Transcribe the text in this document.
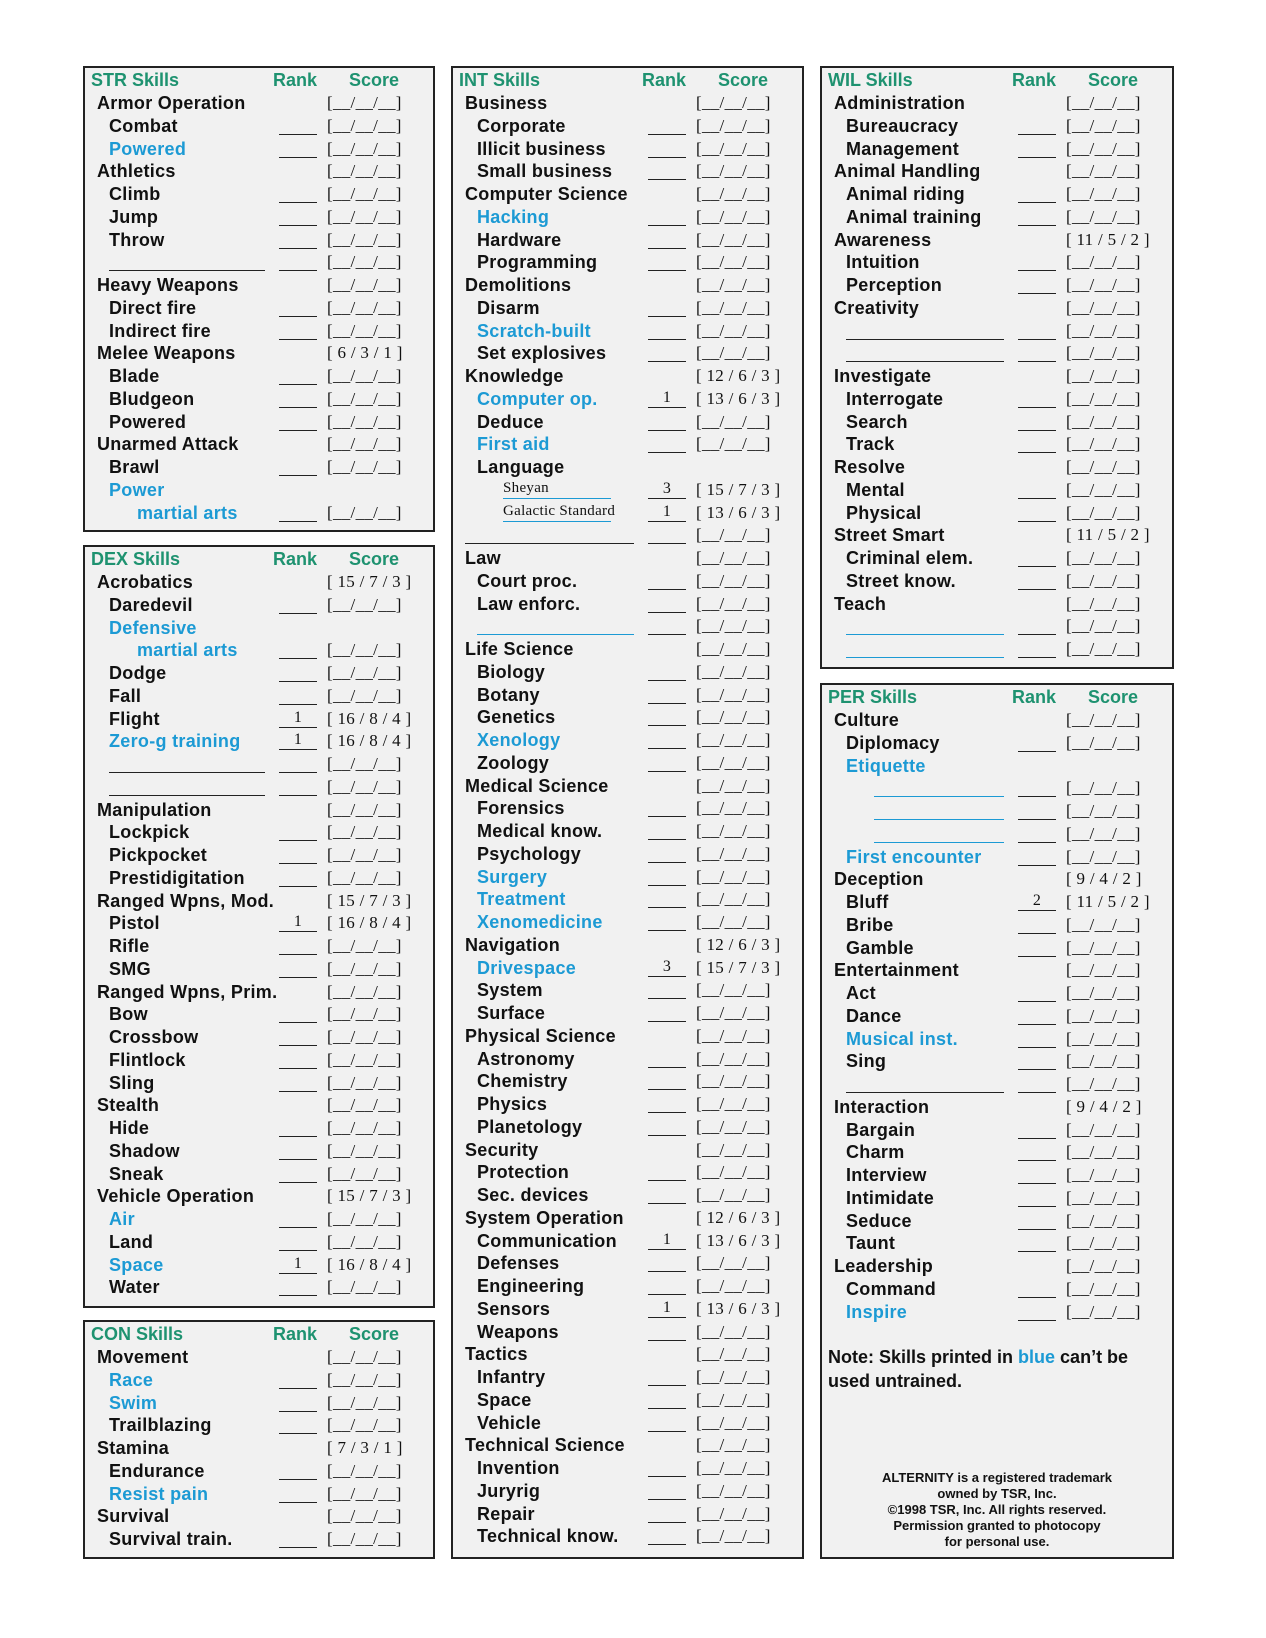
STR Skills	Rank Score
Armor Operation	[__/__/__]
Combat	[__/__/__]
Powered	[__/__/__]
Athletics	[__/__/__]
Climb	[__/__/__]
Jump	[__/__/__]
Throw	[__/__/__]
[__/__/__]
Heavy Weapons	[__/__/__]
Direct fire	[__/__/__]
Indirect fire	[__/__/__]
Melee Weapons	[ 6 / 3 / 1 ]
Blade	[__/__/__]
Bludgeon	[__/__/__]
Powered	[__/__/__]
Unarmed Attack	[__/__/__]
Brawl	[__/__/__]
Power
martial arts	[__/__/__]
DEX Skills	Rank Score
Acrobatics	[ 15 / 7 / 3 ]
Daredevil	[__/__/__]
Defensive
martial arts	[__/__/__]
Dodge	[__/__/__]
Fall	[__/__/__]
Flight	1	[ 16 / 8 / 4 ]
Zero-g training	1	[ 16 / 8 / 4 ]
[__/__/__]
[__/__/__]
Manipulation	[__/__/__]
Lockpick	[__/__/__]
Pickpocket	[__/__/__]
Prestidigitation	[__/__/__]
Ranged Wpns, Mod.	[ 15 / 7 / 3 ]
Pistol	1	[ 16 / 8 / 4 ]
Rifle	[__/__/__]
SMG	[__/__/__]
Ranged Wpns, Prim.	[__/__/__]
Bow	[__/__/__]
Crossbow	[__/__/__]
Flintlock	[__/__/__]
Sling	[__/__/__]
Stealth	[__/__/__]
Hide	[__/__/__]
Shadow	[__/__/__]
Sneak	[__/__/__]
Vehicle Operation	[ 15 / 7 / 3 ]
Air	[__/__/__]
Land	[__/__/__]
Space	1	[ 16 / 8 / 4 ]
Water	[__/__/__]
CON Skills	Rank Score
Movement	[__/__/__]
Race	[__/__/__]
Swim	[__/__/__]
Trailblazing	[__/__/__]
Stamina	[ 7 / 3 / 1 ]
Endurance	[__/__/__]
Resist pain	[__/__/__]
Survival	[__/__/__]
Survival train.	[__/__/__]
INT Skills	Rank Score
Business	[__/__/__]
Corporate	[__/__/__]
Illicit business	[__/__/__]
Small business	[__/__/__]
Computer Science	[__/__/__]
Hacking	[__/__/__]
Hardware	[__/__/__]
Programming	[__/__/__]
Demolitions	[__/__/__]
Disarm	[__/__/__]
Scratch-built	[__/__/__]
Set explosives	[__/__/__]
Knowledge	[ 12 / 6 / 3 ]
Computer op.	1	[ 13 / 6 / 3 ]
Deduce	[__/__/__]
First aid	[__/__/__]
Language
Sheyan	3	[ 15 / 7 / 3 ]
Galactic Standard	1	[ 13 / 6 / 3 ]
[__/__/__]
Law	[__/__/__]
Court proc.	[__/__/__]
Law enforc.	[__/__/__]
[__/__/__]
Life Science	[__/__/__]
Biology	[__/__/__]
Botany	[__/__/__]
Genetics	[__/__/__]
Xenology	[__/__/__]
Zoology	[__/__/__]
Medical Science	[__/__/__]
Forensics	[__/__/__]
Medical know.	[__/__/__]
Psychology	[__/__/__]
Surgery	[__/__/__]
Treatment	[__/__/__]
Xenomedicine	[__/__/__]
Navigation	[ 12 / 6 / 3 ]
Drivespace	3	[ 15 / 7 / 3 ]
System	[__/__/__]
Surface	[__/__/__]
Physical Science	[__/__/__]
Astronomy	[__/__/__]
Chemistry	[__/__/__]
Physics	[__/__/__]
Planetology	[__/__/__]
Security	[__/__/__]
Protection	[__/__/__]
Sec. devices	[__/__/__]
System Operation	[ 12 / 6 / 3 ]
Communication	1	[ 13 / 6 / 3 ]
Defenses	[__/__/__]
Engineering	[__/__/__]
Sensors	1	[ 13 / 6 / 3 ]
Weapons	[__/__/__]
Tactics	[__/__/__]
Infantry	[__/__/__]
Space	[__/__/__]
Vehicle	[__/__/__]
Technical Science	[__/__/__]
Invention	[__/__/__]
Juryrig	[__/__/__]
Repair	[__/__/__]
Technical know.	[__/__/__]
WIL Skills	Rank Score
Administration	[__/__/__]
Bureaucracy	[__/__/__]
Management	[__/__/__]
Animal Handling	[__/__/__]
Animal riding	[__/__/__]
Animal training	[__/__/__]
Awareness	[ 11 / 5 / 2 ]
Intuition	[__/__/__]
Perception	[__/__/__]
Creativity	[__/__/__]
[__/__/__]
[__/__/__]
Investigate	[__/__/__]
Interrogate	[__/__/__]
Search	[__/__/__]
Track	[__/__/__]
Resolve	[__/__/__]
Mental	[__/__/__]
Physical	[__/__/__]
Street Smart	[ 11 / 5 / 2 ]
Criminal elem.	[__/__/__]
Street know.	[__/__/__]
Teach	[__/__/__]
[__/__/__]
[__/__/__]
PER Skills	Rank Score
Culture	[__/__/__]
Diplomacy	[__/__/__]
Etiquette
[__/__/__]
[__/__/__]
[__/__/__]
First encounter	[__/__/__]
Deception	[ 9 / 4 / 2 ]
Bluff	2	[ 11 / 5 / 2 ]
Bribe	[__/__/__]
Gamble	[__/__/__]
Entertainment	[__/__/__]
Act	[__/__/__]
Dance	[__/__/__]
Musical inst.	[__/__/__]
Sing	[__/__/__]
[__/__/__]
Interaction	[ 9 / 4 / 2 ]
Bargain	[__/__/__]
Charm	[__/__/__]
Interview	[__/__/__]
Intimidate	[__/__/__]
Seduce	[__/__/__]
Taunt	[__/__/__]
Leadership	[__/__/__]
Command	[__/__/__]
Inspire	[__/__/__]
Note: Skills printed in blue can’t be used untrained.
ALTERNITY is a registered trademark
owned by TSR, Inc.
©1998 TSR, Inc. All rights reserved.
Permission granted to photocopy
for personal use.
